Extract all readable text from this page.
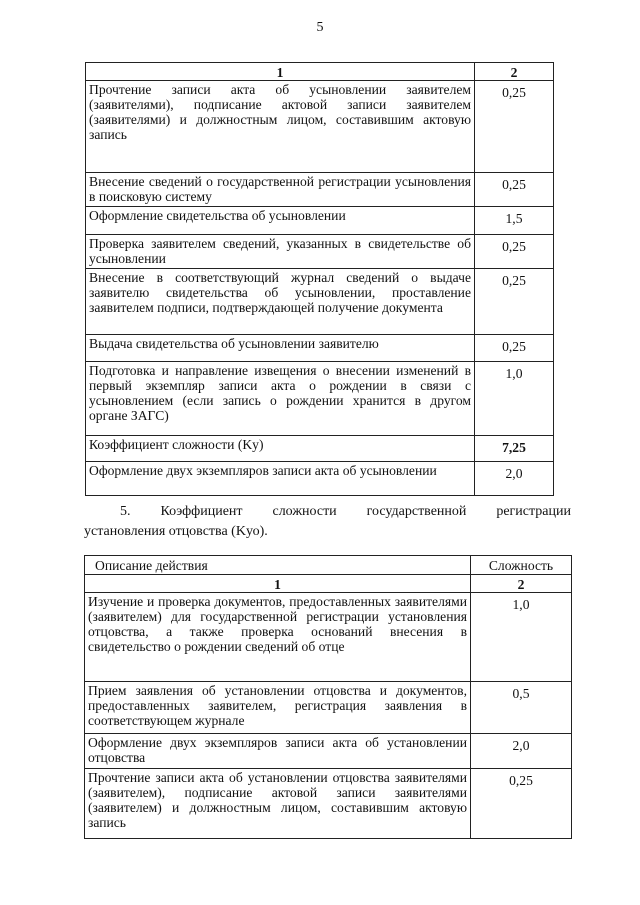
5
1	2
Прочтение записи акта об усыновлении заявителем (заявителями), подписание актовой записи заявителем (заявителями) и должностным лицом, составившим актовую запись	0,25
Внесение сведений о государственной регистрации усыновления в поисковую систему	0,25
Оформление свидетельства об усыновлении	1,5
Проверка заявителем сведений, указанных в свидетельстве об усыновлении	0,25
Внесение в соответствующий журнал сведений о выдаче заявителю свидетельства об усыновлении, проставление заявителем подписи, подтверждающей получение документа	0,25
Выдача свидетельства об усыновлении заявителю	0,25
Подготовка и направление извещения о внесении изменений в первый экземпляр записи акта о рождении в связи с усыновлением (если запись о рождении хранится в другом органе ЗАГС)	1,0
Коэффициент сложности (Kу)	7,25
Оформление двух экземпляров записи акта об усыновлении	2,0
5. Коэффициент сложности государственной регистрации
установления отцовства (Kуо).
Описание действия	Сложность
1	2
Изучение и проверка документов, предоставленных заявителями (заявителем) для государственной регистрации установления отцовства, а также проверка оснований внесения в свидетельство о рождении сведений об отце	1,0
Прием заявления об установлении отцовства и документов, предоставленных заявителем, регистрация заявления в соответствующем журнале	0,5
Оформление двух экземпляров записи акта об установлении отцовства	2,0
Прочтение записи акта об установлении отцовства заявителями (заявителем), подписание актовой записи заявителями (заявителем) и должностным лицом, составившим актовую запись	0,25
